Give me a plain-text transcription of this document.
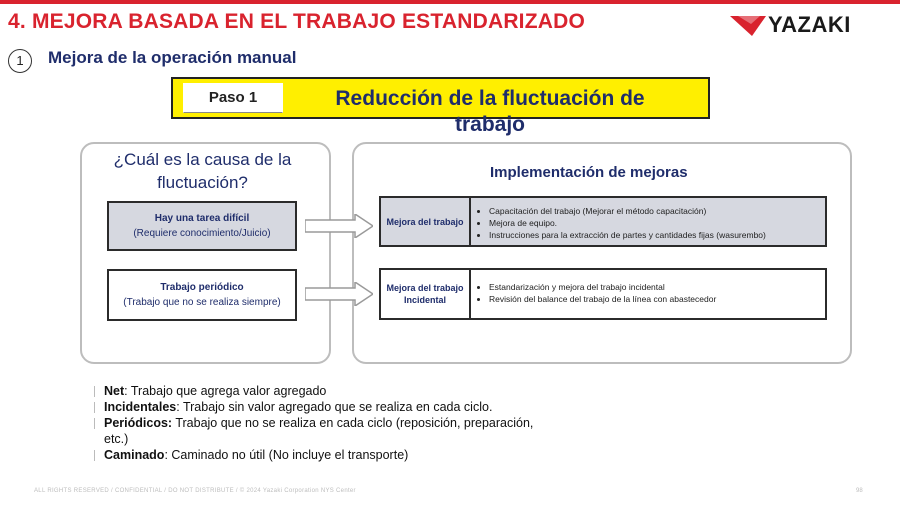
4. MEJORA BASADA EN EL TRABAJO ESTANDARIZADO	YAZAKI
1	Mejora de la operación manual
Paso 1	Reducción de la fluctuación de trabajo
¿Cuál es la causa de la fluctuación?
Implementación de mejoras
Hay una tarea difícil
(Requiere conocimiento/Juicio)
Trabajo periódico
(Trabajo que no se realiza siempre)
Mejora del trabajo
• Capacitación del trabajo (Mejorar el método capacitación)
• Mejora de equipo.
• Instrucciones para la extracción de partes y cantidades fijas (wasurembo)
Mejora del trabajo Incidental
• Estandarización y mejora del trabajo incidental
• Revisión del balance del trabajo de la línea con abastecedor
Net: Trabajo que agrega valor agregado
Incidentales: Trabajo sin valor agregado que se realiza en cada ciclo.
Periódicos: Trabajo que no se realiza en cada ciclo (reposición, preparación, etc.)
Caminado: Caminado no útil (No incluye el transporte)
ALL RIGHTS RESERVED / CONFIDENTIAL / DO NOT DISTRIBUTE / © 2024 Yazaki Corporation NYS Center	98
